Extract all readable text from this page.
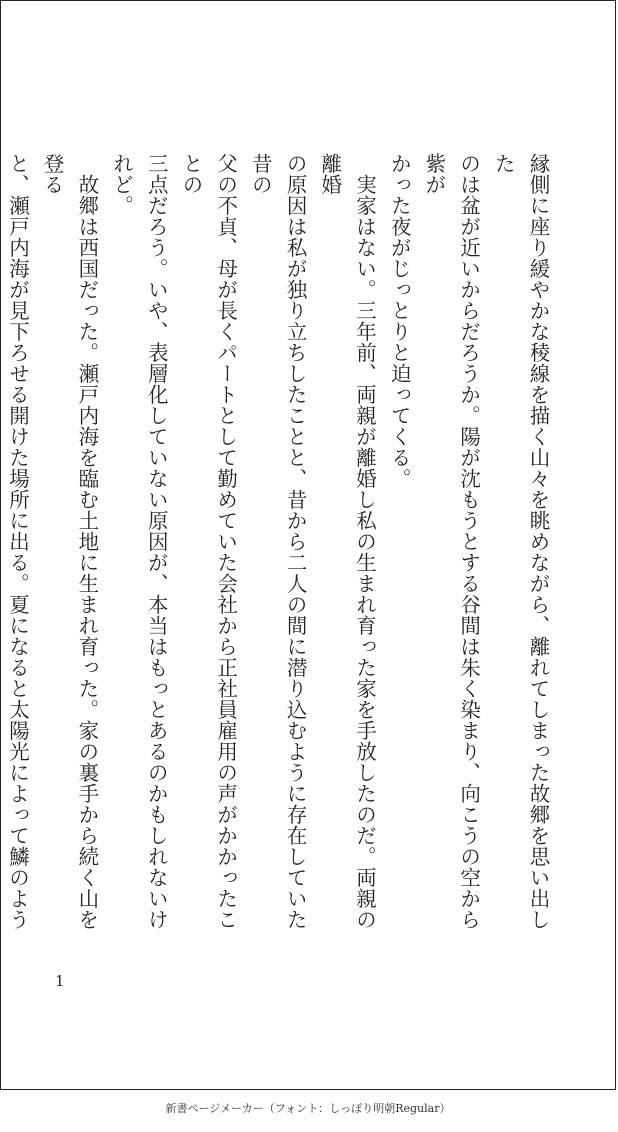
縁側に座り緩やかな稜線を描く山々を眺めながら、離れてしまった故郷を思い出した

のは盆が近いからだろうか。陽が沈もうとする谷間は朱く染まり、向こうの空から紫が

かった夜がじっとりと迫ってくる。

　実家はない。三年前、両親が離婚し私の生まれ育った家を手放したのだ。両親の離婚

の原因は私が独り立ちしたことと、昔から二人の間に潜り込むように存在していた昔の

父の不貞、母が長くパートとして勤めていた会社から正社員雇用の声がかかったことの

三点だろう。いや、表層化していない原因が、本当はもっとあるのかもしれないけれど。

　故郷は西国だった。瀬戸内海を臨む土地に生まれ育った。家の裏手から続く山を登る

と、瀬戸内海が見下ろせる開けた場所に出る。夏になると太陽光によって鱗のよう

1
新書ページメーカー（フォント：しっぽり明朝Regular）
